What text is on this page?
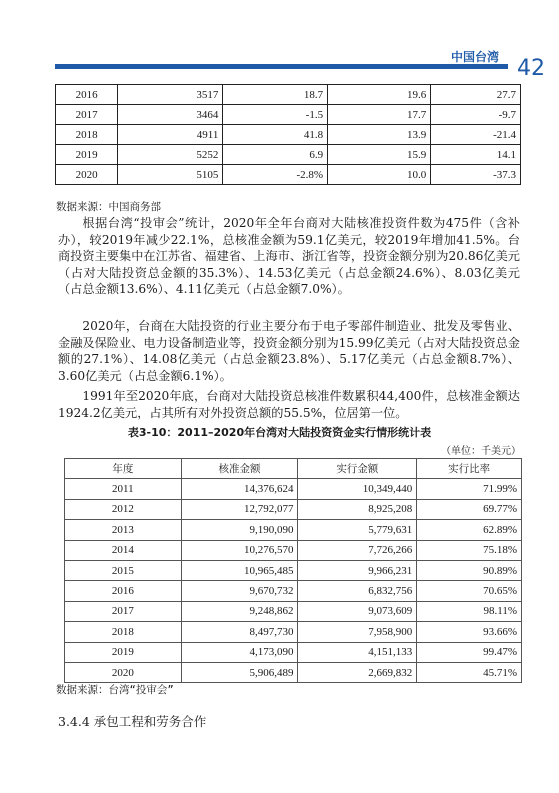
中国台湾 42
2016	3517	18.7	19.6	27.7
2017	3464	-1.5	17.7	-9.7
2018	4911	41.8	13.9	-21.4
2019	5252	6.9	15.9	14.1
2020	5105	-2.8%	10.0	-37.3
数据来源：中国商务部

根据台湾“投审会”统计，2020年全年台商对大陆核准投资件数为475件（含补办），较2019年减少22.1%，总核准金额为59.1亿美元，较2019年增加41.5%。台商投资主要集中在江苏省、福建省、上海市、浙江省等，投资金额分别为20.86亿美元（占对大陆投资总金额的35.3%）、14.53亿美元（占总金额24.6%）、8.03亿美元（占总金额13.6%）、4.11亿美元（占总金额7.0%）。

2020年，台商在大陆投资的行业主要分布于电子零部件制造业、批发及零售业、金融及保险业、电力设备制造业等，投资金额分别为15.99亿美元（占对大陆投资总金额的27.1%）、14.08亿美元（占总金额23.8%）、5.17亿美元（占总金额8.7%）、3.60亿美元（占总金额6.1%）。

1991年至2020年底，台商对大陆投资总核准件数累积44,400件，总核准金额达1924.2亿美元，占其所有对外投资总额的55.5%，位居第一位。

表3-10：2011–2020年台湾对大陆投资资金实行情形统计表
（单位：千美元）
年度	核准金额	实行金额	实行比率
2011	14,376,624	10,349,440	71.99%
2012	12,792,077	8,925,208	69.77%
2013	9,190,090	5,779,631	62.89%
2014	10,276,570	7,726,266	75.18%
2015	10,965,485	9,966,231	90.89%
2016	9,670,732	6,832,756	70.65%
2017	9,248,862	9,073,609	98.11%
2018	8,497,730	7,958,900	93.66%
2019	4,173,090	4,151,133	99.47%
2020	5,906,489	2,669,832	45.71%
数据来源：台湾“投审会”
3.4.4 承包工程和劳务合作
